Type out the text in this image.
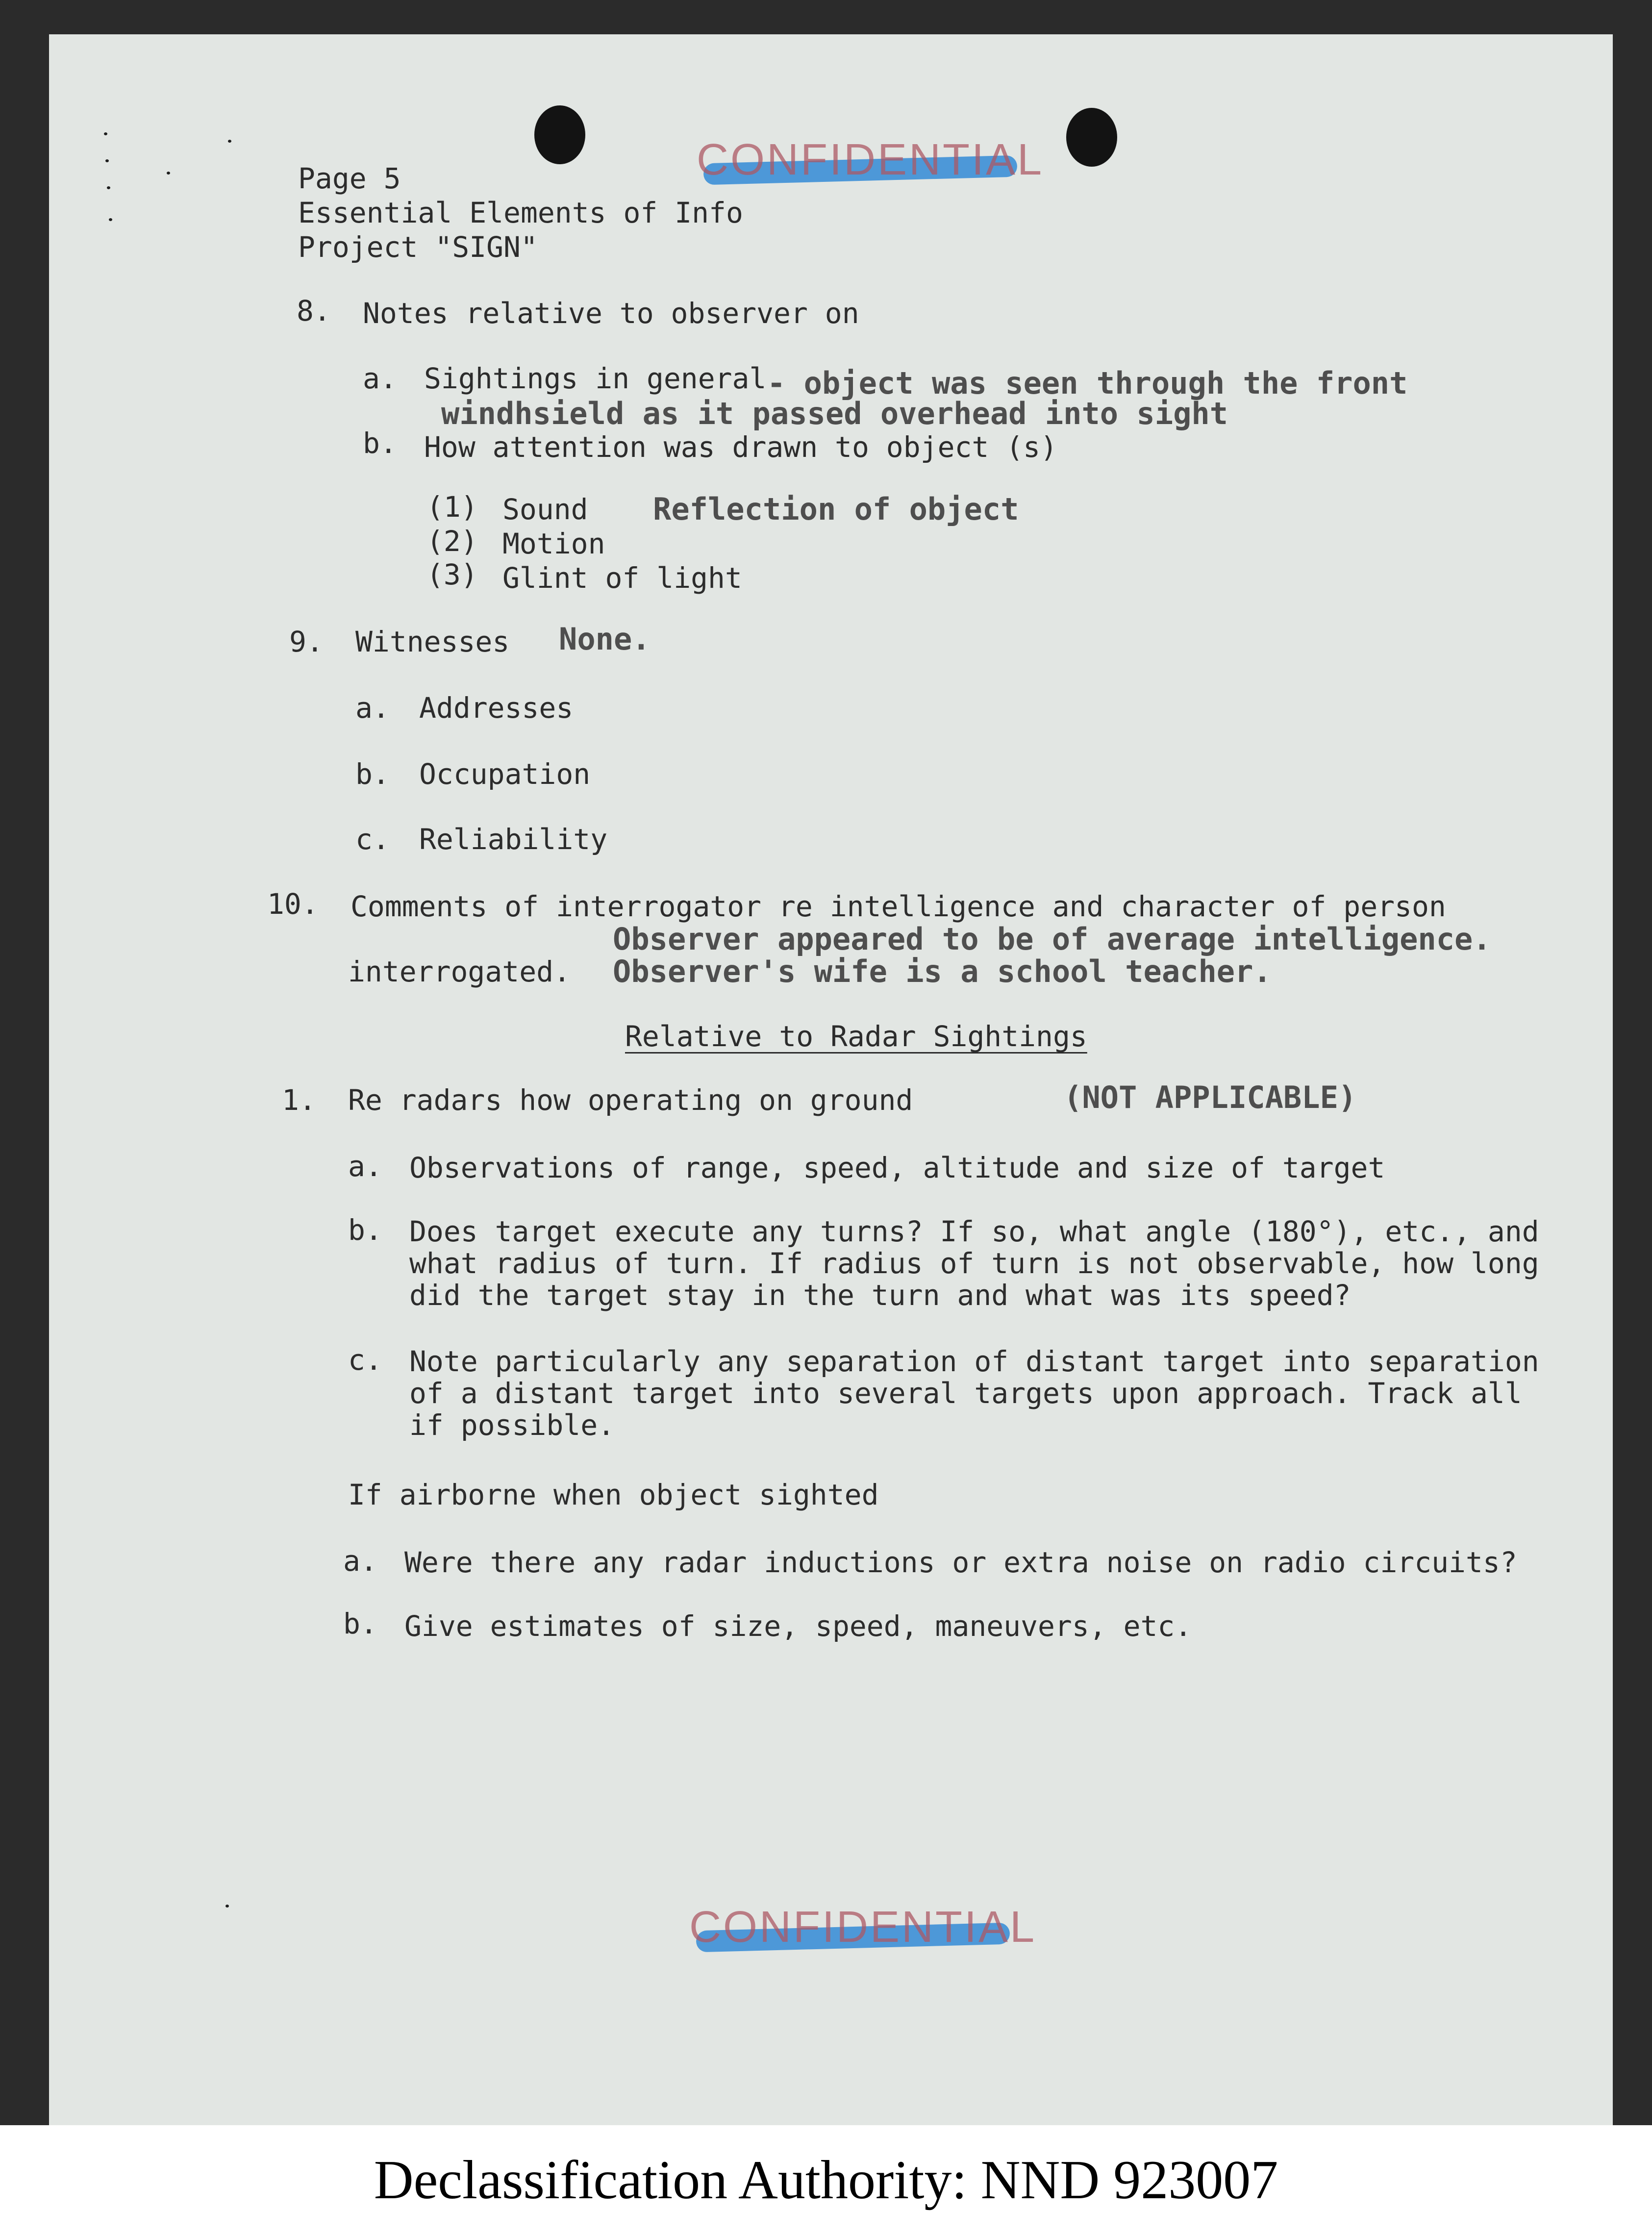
CONFIDENTIAL
Page 5
Essential Elements of Info
Project "SIGN"
8. Notes relative to observer on
a. Sightings in general - object was seen through the front
windhsield as it passed overhead into sight
b. How attention was drawn to object (s)
(1) Sound Reflection of object
(2) Motion
(3) Glint of light
9. Witnesses None.
a. Addresses
b. Occupation
c. Reliability
10. Comments of interrogator re intelligence and character of person
Observer appeared to be of average intelligence.
interrogated. Observer's wife is a school teacher.
Relative to Radar Sightings
1. Re radars how operating on ground	(NOT APPLICABLE)
a. Observations of range, speed, altitude and size of target
b. Does target execute any turns? If so, what angle (180°), etc., and
what radius of turn. If radius of turn is not observable, how long
did the target stay in the turn and what was its speed?
c. Note particularly any separation of distant target into separation
of a distant target into several targets upon approach. Track all
if possible.
If airborne when object sighted
a. Were there any radar inductions or extra noise on radio circuits?
b. Give estimates of size, speed, maneuvers, etc.
CONFIDENTIAL
Declassification Authority: NND 923007
